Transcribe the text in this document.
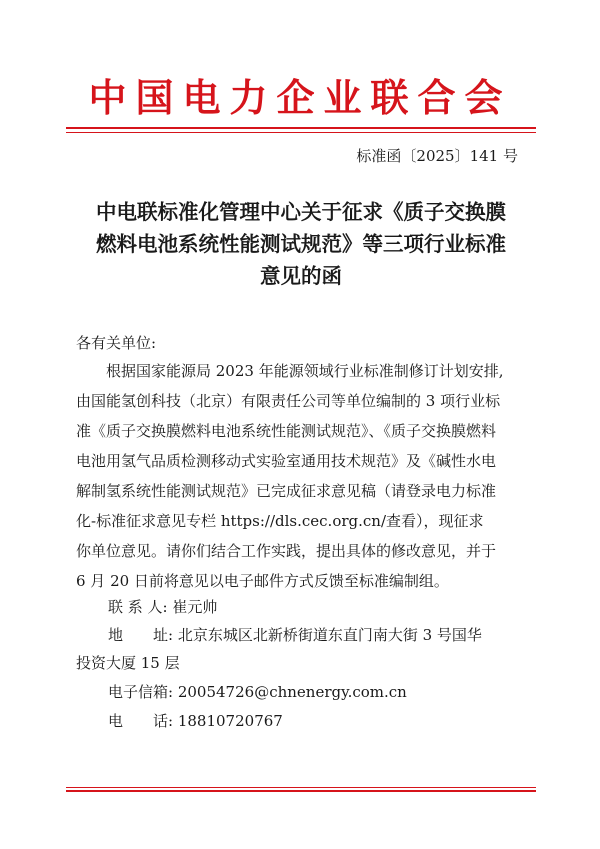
中国电力企业联合会
标准函〔2025〕141 号
中电联标准化管理中心关于征求《质子交换膜
燃料电池系统性能测试规范》等三项行业标准
意见的函
各有关单位:
根据国家能源局 2023 年能源领域行业标准制修订计划安排,
由国能氢创科技（北京）有限责任公司等单位编制的 3 项行业标
准《质子交换膜燃料电池系统性能测试规范》、《质子交换膜燃料
电池用氢气品质检测移动式实验室通用技术规范》及《碱性水电
解制氢系统性能测试规范》已完成征求意见稿（请登录电力标准
化-标准征求意见专栏 https://dls.cec.org.cn/查看），现征求
你单位意见。请你们结合工作实践，提出具体的修改意见，并于
6 月 20 日前将意见以电子邮件方式反馈至标准编制组。
联 系 人: 崔元帅
地　　址: 北京东城区北新桥街道东直门南大街 3 号国华
投资大厦 15 层
电子信箱: 20054726@chnenergy.com.cn
电　　话: 18810720767
